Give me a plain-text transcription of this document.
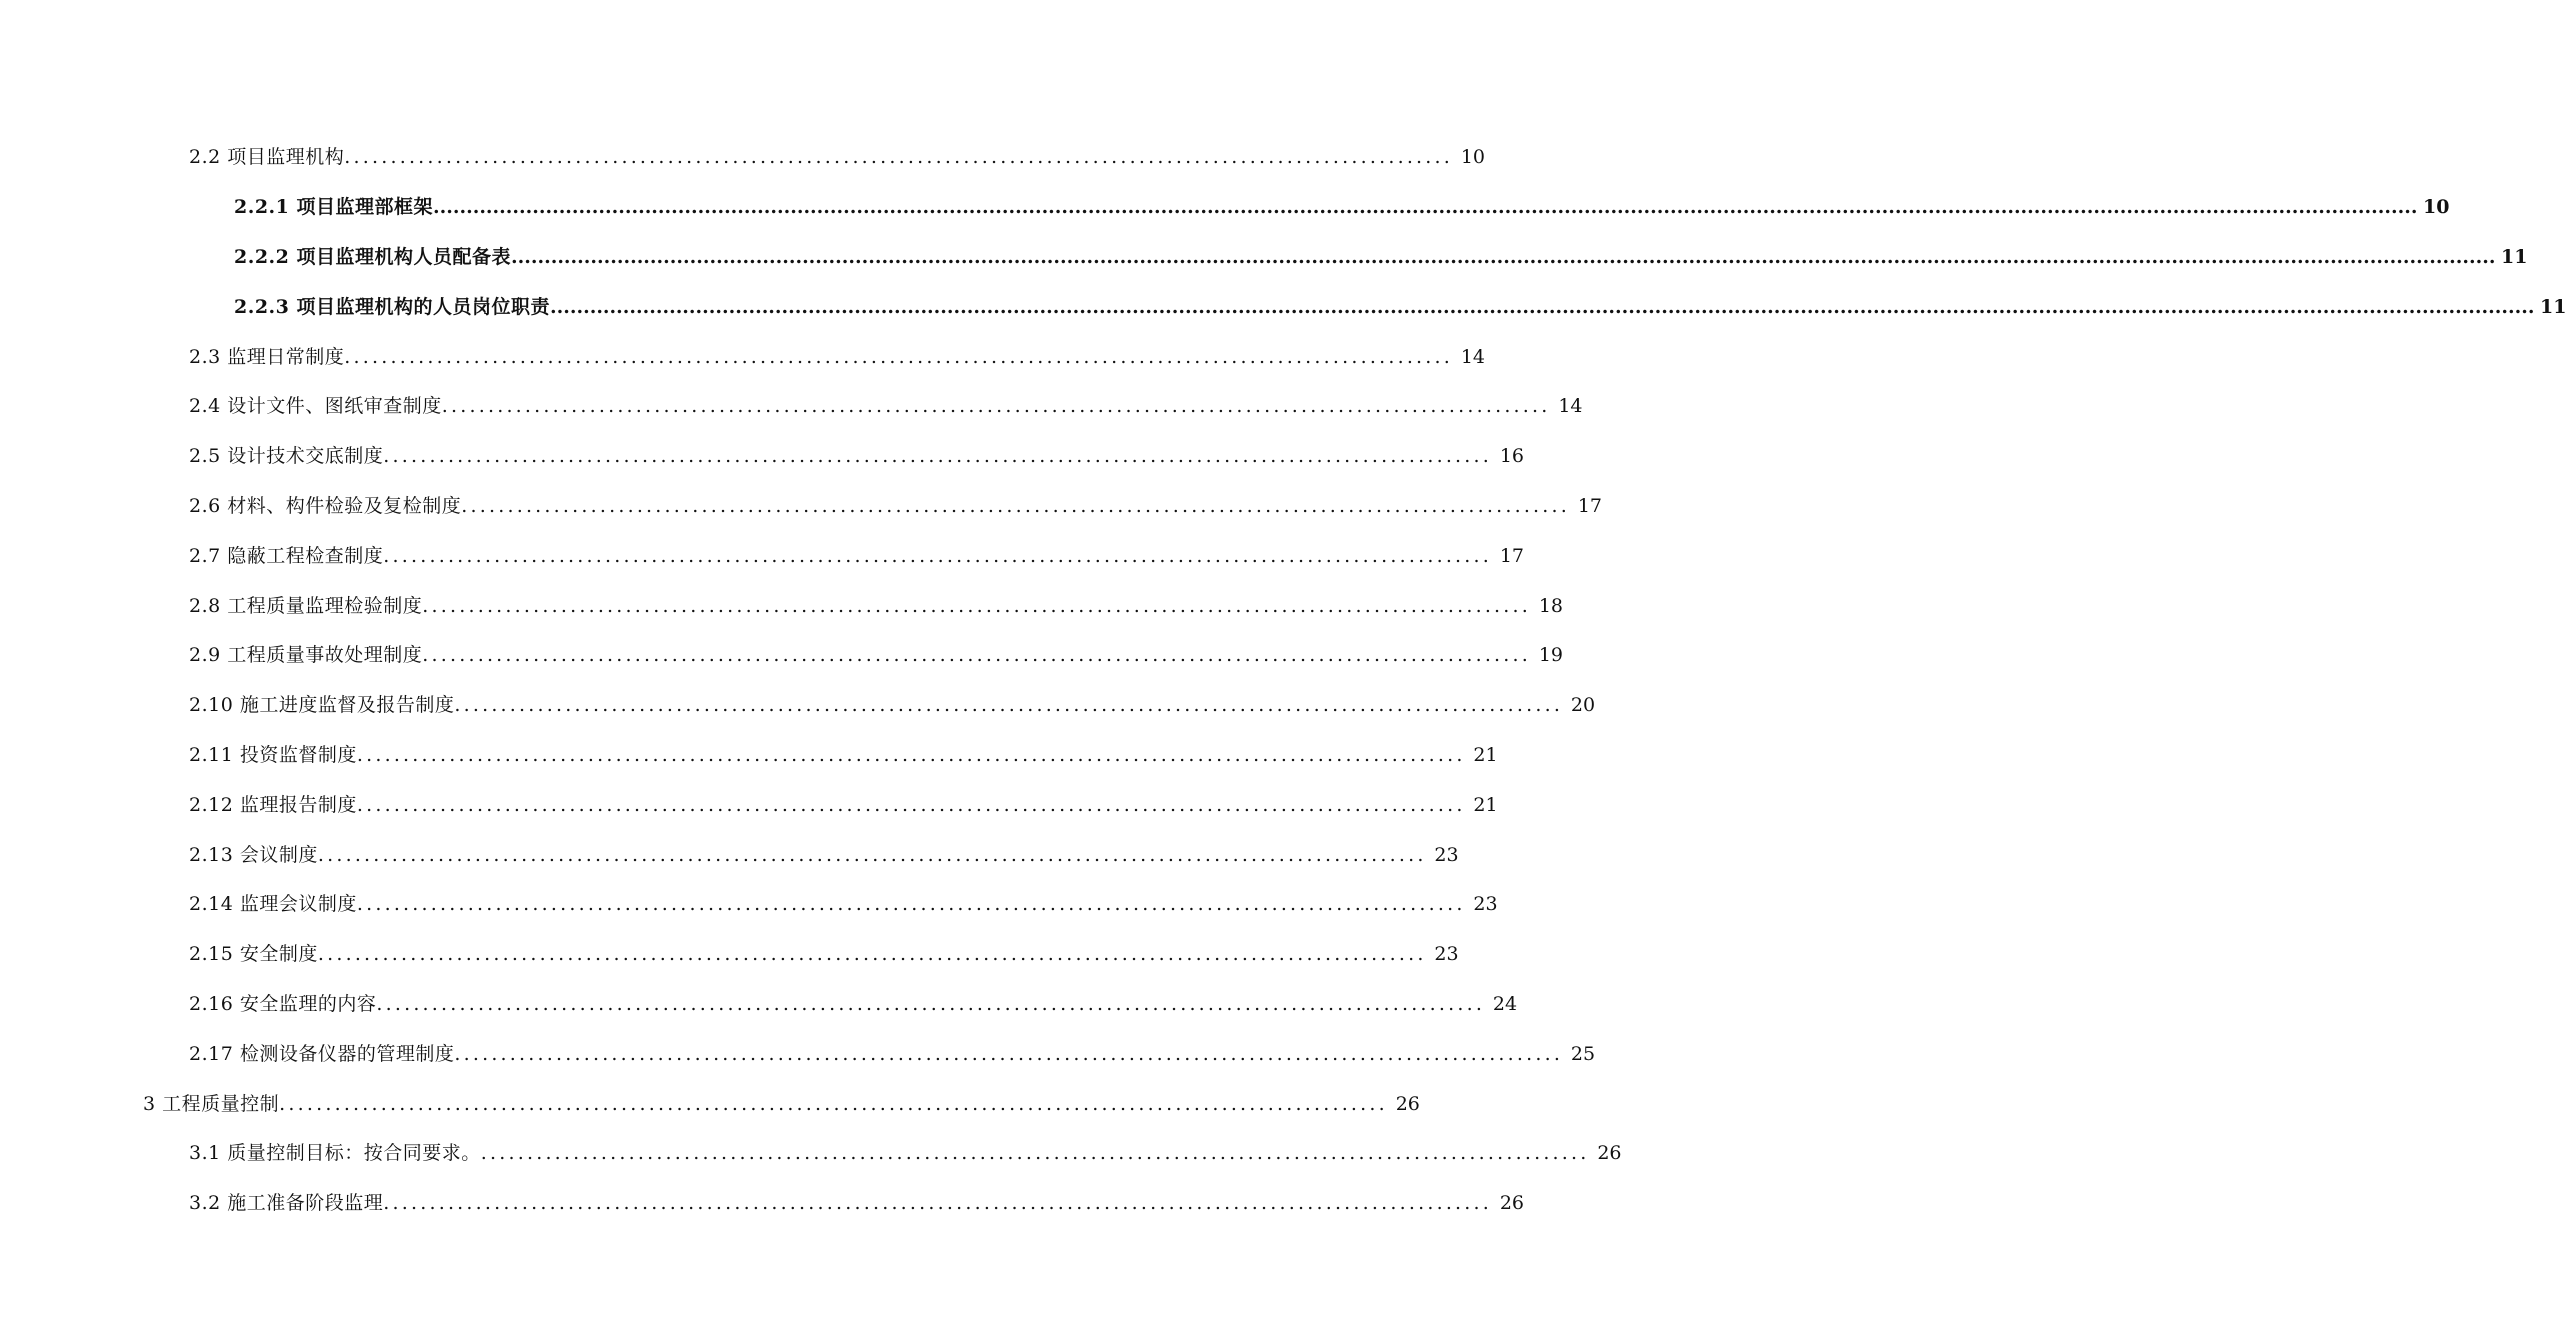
2.2 项目监理机构 ........................................................................................................................ 10
2.2.1 项目监理部框架 ............................................................................................................................................................................................................................................................................................................ 10
2.2.2 项目监理机构人员配备表 ............................................................................................................................................................................................................................................................................................................ 11
2.2.3 项目监理机构的人员岗位职责 ............................................................................................................................................................................................................................................................................................................ 11
2.3 监理日常制度 ........................................................................................................................ 14
2.4 设计文件、图纸审查制度 ........................................................................................................................ 14
2.5 设计技术交底制度 ........................................................................................................................ 16
2.6 材料、构件检验及复检制度 ........................................................................................................................ 17
2.7 隐蔽工程检查制度 ........................................................................................................................ 17
2.8 工程质量监理检验制度 ........................................................................................................................ 18
2.9 工程质量事故处理制度 ........................................................................................................................ 19
2.10 施工进度监督及报告制度 ........................................................................................................................ 20
2.11 投资监督制度 ........................................................................................................................ 21
2.12 监理报告制度 ........................................................................................................................ 21
2.13 会议制度 ........................................................................................................................ 23
2.14 监理会议制度 ........................................................................................................................ 23
2.15 安全制度 ........................................................................................................................ 23
2.16 安全监理的内容 ........................................................................................................................ 24
2.17 检测设备仪器的管理制度 ........................................................................................................................ 25
3 工程质量控制 ........................................................................................................................ 26
3.1 质量控制目标：按合同要求。 ........................................................................................................................ 26
3.2 施工准备阶段监理 ........................................................................................................................ 26
